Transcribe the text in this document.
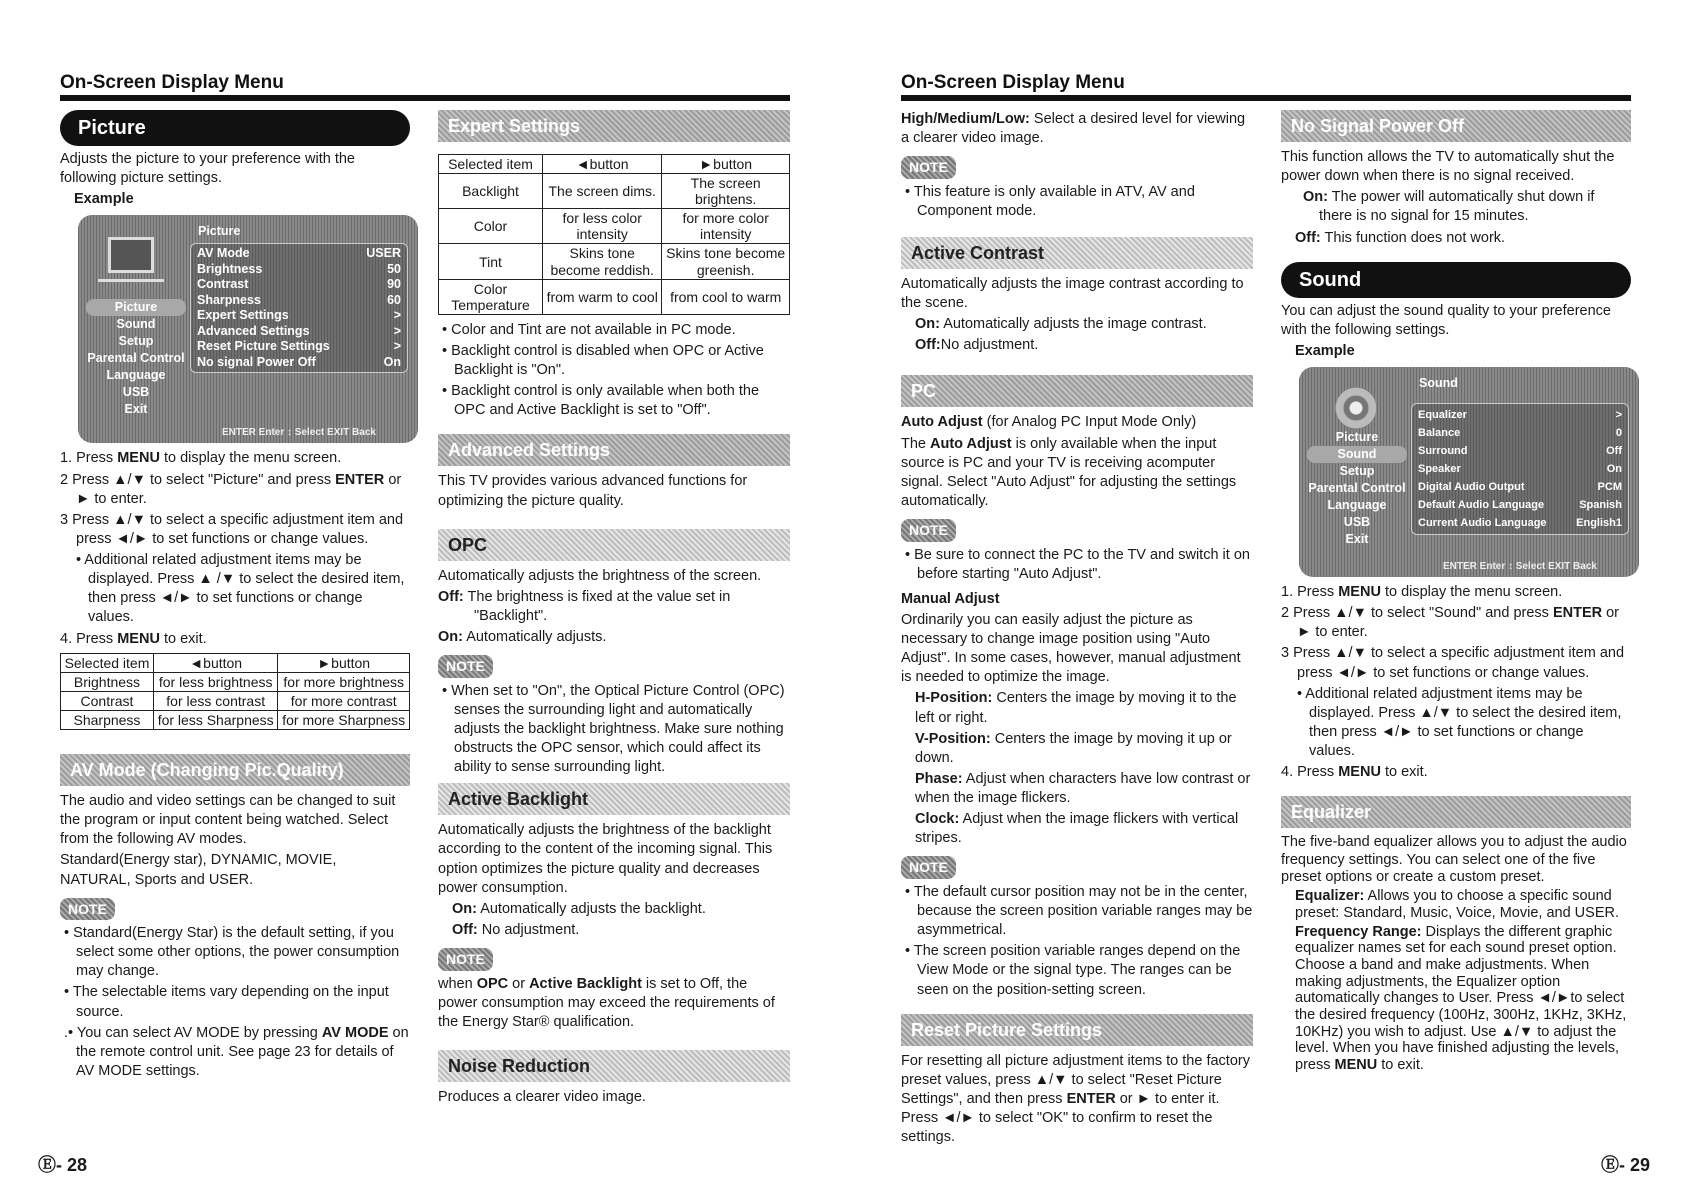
On-Screen Display Menu
Picture

Adjusts the picture to your preference with the following picture settings.

Example

Picture
Picture
Sound
Setup
Parental Control
Language
USB
Exit
AV Mode	USER
Brightness	50
Contrast	90
Sharpness	60
Expert Settings	>
Advanced Settings	>
Reset Picture Settings	>
No signal Power Off	On
ENTER Enter ↕ Select EXIT Back

1. Press MENU to display the menu screen.

2 Press ▲/▼ to select "Picture" and press ENTER or ► to enter.

3 Press ▲/▼ to select a specific adjustment item and press ◄/► to set functions or change values.

• Additional related adjustment items may be displayed. Press ▲ /▼ to select the desired item, then press ◄/► to set functions or change values.

4. Press MENU to exit.

Selected item	◄button	►button
Brightness	for less brightness	for more brightness
Contrast	for less contrast	for more contrast
Sharpness	for less Sharpness	for more Sharpness
AV Mode (Changing Pic.Quality)

The audio and video settings can be changed to suit the program or input content being watched. Select from the following AV modes.

Standard(Energy star), DYNAMIC, MOVIE, NATURAL, Sports and USER.

NOTE

• Standard(Energy Star) is the default setting, if you select some other options, the power consumption may change.

• The selectable items vary depending on the input source.

.• You can select AV MODE by pressing AV MODE on the remote control unit. See page 23 for details of AV MODE settings.

Expert Settings
Selected item	◄button	►button
Backlight	The screen dims.	The screen brightens.
Color	for less color intensity	for more color intensity
Tint	Skins tone become reddish.	Skins tone become greenish.
Color Temperature	from warm to cool	from cool to warm

• Color and Tint are not available in PC mode.

• Backlight control is disabled when OPC or Active Backlight is "On".

• Backlight control is only available when both the OPC and Active Backlight is set to "Off".

Advanced Settings

This TV provides various advanced functions for optimizing the picture quality.

OPC

Automatically adjusts the brightness of the screen.

Off: The brightness is fixed at the value set in "Backlight".

On: Automatically adjusts.

NOTE

• When set to "On", the Optical Picture Control (OPC) senses the surrounding light and automatically adjusts the backlight brightness. Make sure nothing obstructs the OPC sensor, which could affect its ability to sense surrounding light.

Active Backlight

Automatically adjusts the brightness of the backlight according to the content of the incoming signal. This option optimizes the picture quality and decreases power consumption.

On: Automatically adjusts the backlight.

Off: No adjustment.

NOTE

when OPC or Active Backlight is set to Off, the power consumption may exceed the requirements of the Energy Star® qualification.

Noise Reduction

Produces a clearer video image.

Ⓔ- 28
On-Screen Display Menu

High/Medium/Low: Select a desired level for viewing a clearer video image.

NOTE

• This feature is only available in ATV, AV and Component mode.

Active Contrast

Automatically adjusts the image contrast according to the scene.

On: Automatically adjusts the image contrast.

Off:No adjustment.

PC

Auto Adjust (for Analog PC Input Mode Only)

The Auto Adjust is only available when the input source is PC and your TV is receiving acomputer signal. Select "Auto Adjust" for adjusting the settings automatically.

NOTE

• Be sure to connect the PC to the TV and switch it on before starting "Auto Adjust".

Manual Adjust

Ordinarily you can easily adjust the picture as necessary to change image position using "Auto Adjust". In some cases, however, manual adjustment is needed to optimize the image.

H-Position: Centers the image by moving it to the left or right.

V-Position: Centers the image by moving it up or down.

Phase: Adjust when characters have low contrast or when the image flickers.

Clock: Adjust when the image flickers with vertical stripes.

NOTE

• The default cursor position may not be in the center, because the screen position variable ranges may be asymmetrical.

• The screen position variable ranges depend on the View Mode or the signal type. The ranges can be seen on the position-setting screen.

Reset Picture Settings

For resetting all picture adjustment items to the factory preset values, press ▲/▼ to select "Reset Picture Settings", and then press ENTER or ► to enter it. Press ◄/► to select "OK" to confirm to reset the settings.

No Signal Power Off

This function allows the TV to automatically shut the power down when there is no signal received.

On: The power will automatically shut down if there is no signal for 15 minutes.

Off: This function does not work.

Sound

You can adjust the sound quality to your preference with the following settings.

Example

Sound
Picture
Sound
Setup
Parental Control
Language
USB
Exit
Equalizer	>
Balance	0
Surround	Off
Speaker	On
Digital Audio Output	PCM
Default Audio Language	Spanish
Current Audio Language	English1
ENTER Enter ↕ Select EXIT Back

1. Press MENU to display the menu screen.

2 Press ▲/▼ to select "Sound" and press ENTER or ► to enter.

3 Press ▲/▼ to select a specific adjustment item and press ◄/► to set functions or change values.

• Additional related adjustment items may be displayed. Press ▲/▼ to select the desired item, then press ◄/► to set functions or change values.

4. Press MENU to exit.

Equalizer

The five-band equalizer allows you to adjust the audio frequency settings. You can select one of the five preset options or create a custom preset.

Equalizer: Allows you to choose a specific sound preset: Standard, Music, Voice, Movie, and USER.

Frequency Range: Displays the different graphic equalizer names set for each sound preset option. Choose a band and make adjustments. When making adjustments, the Equalizer option automatically changes to User. Press ◄/►to select the desired frequency (100Hz, 300Hz, 1KHz, 3KHz, 10KHz) you wish to adjust. Use ▲/▼ to adjust the level. When you have finished adjusting the levels, press MENU to exit.

Ⓔ- 29
